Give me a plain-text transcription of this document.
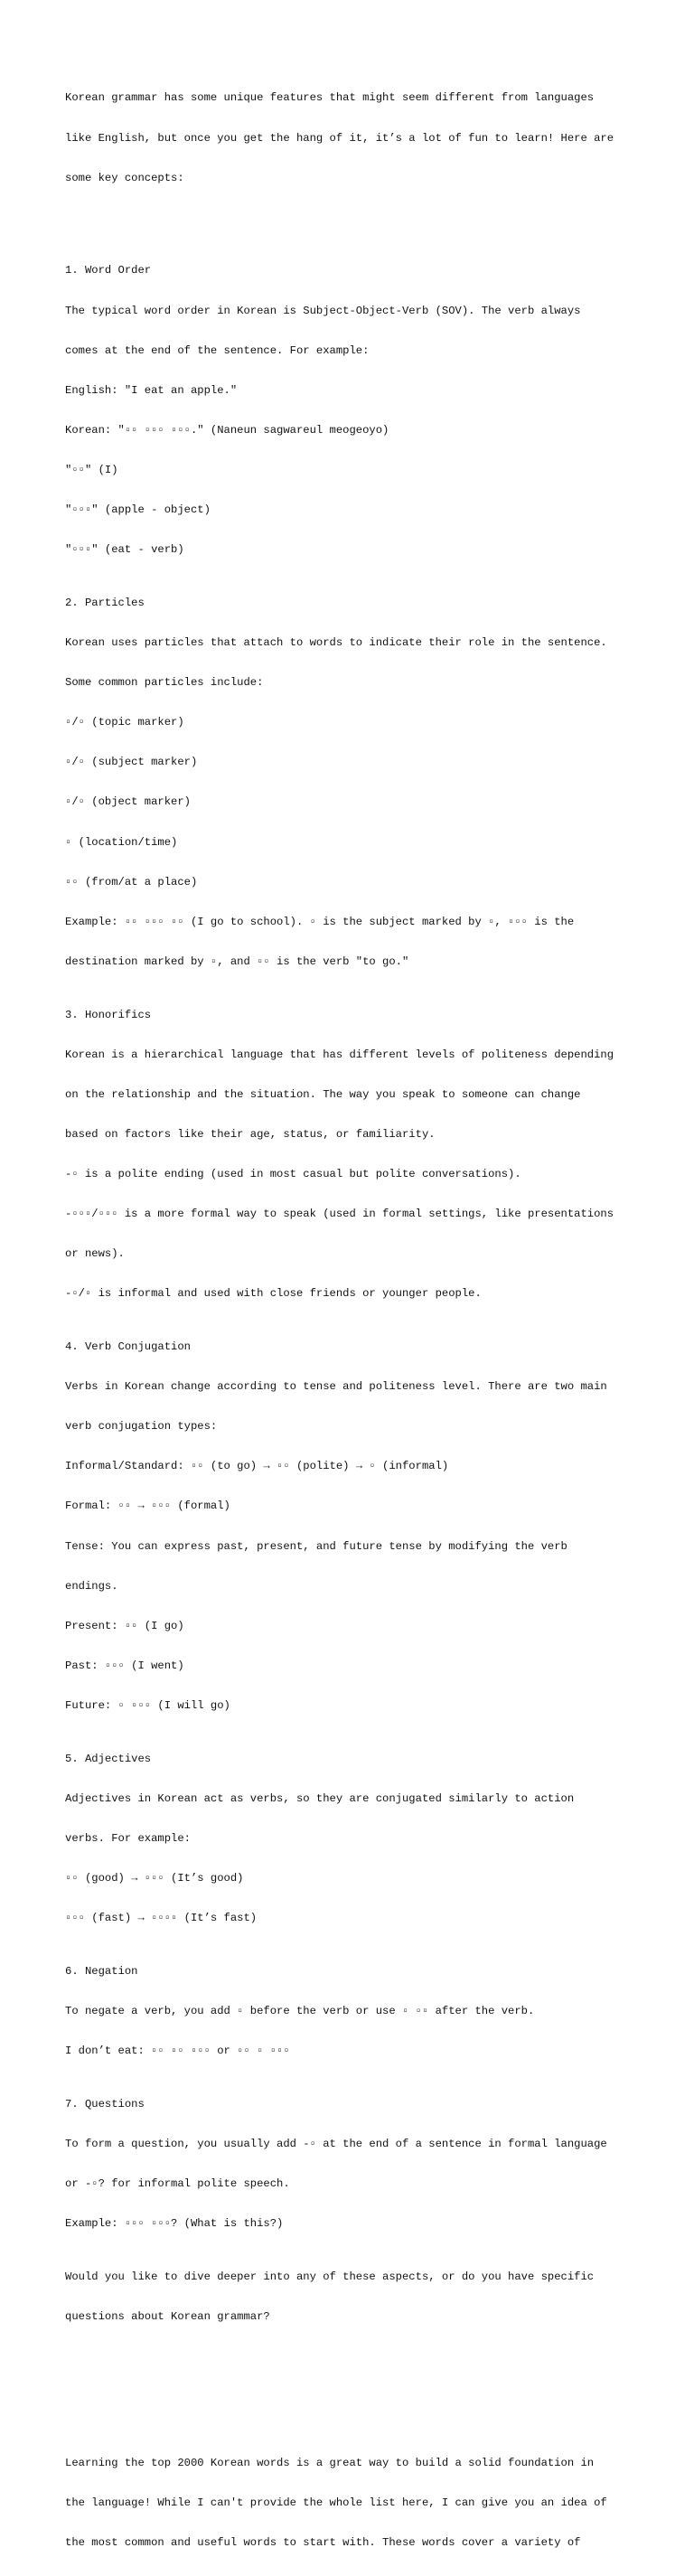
Korean grammar has some unique features that might seem different from languages

like English, but once you get the hang of it, it’s a lot of fun to learn! Here are

some key concepts:

1. Word Order

The typical word order in Korean is Subject-Object-Verb (SOV). The verb always

comes at the end of the sentence. For example:

English: "I eat an apple."

Korean: "▫▫ ▫▫▫ ▫▫▫." (Naneun sagwareul meogeoyo)

"▫▫" (I)

"▫▫▫" (apple - object)

"▫▫▫" (eat - verb)

2. Particles

Korean uses particles that attach to words to indicate their role in the sentence.

Some common particles include:

▫/▫ (topic marker)

▫/▫ (subject marker)

▫/▫ (object marker)

▫ (location/time)

▫▫ (from/at a place)

Example: ▫▫ ▫▫▫ ▫▫ (I go to school). ▫ is the subject marked by ▫, ▫▫▫ is the

destination marked by ▫, and ▫▫ is the verb "to go."

3. Honorifics

Korean is a hierarchical language that has different levels of politeness depending

on the relationship and the situation. The way you speak to someone can change

based on factors like their age, status, or familiarity.

-▫ is a polite ending (used in most casual but polite conversations).

-▫▫▫/▫▫▫ is a more formal way to speak (used in formal settings, like presentations

or news).

-▫/▫ is informal and used with close friends or younger people.

4. Verb Conjugation

Verbs in Korean change according to tense and politeness level. There are two main

verb conjugation types:

Informal/Standard: ▫▫ (to go) → ▫▫ (polite) → ▫ (informal)

Formal: ▫▫ → ▫▫▫ (formal)

Tense: You can express past, present, and future tense by modifying the verb

endings.

Present: ▫▫ (I go)

Past: ▫▫▫ (I went)

Future: ▫ ▫▫▫ (I will go)

5. Adjectives

Adjectives in Korean act as verbs, so they are conjugated similarly to action

verbs. For example:

▫▫ (good) → ▫▫▫ (It’s good)

▫▫▫ (fast) → ▫▫▫▫ (It’s fast)

6. Negation

To negate a verb, you add ▫ before the verb or use ▫ ▫▫ after the verb.

I don’t eat: ▫▫ ▫▫ ▫▫▫ or ▫▫ ▫ ▫▫▫

7. Questions

To form a question, you usually add -▫ at the end of a sentence in formal language

or -▫? for informal polite speech.

Example: ▫▫▫ ▫▫▫? (What is this?)

Would you like to dive deeper into any of these aspects, or do you have specific

questions about Korean grammar?

Learning the top 2000 Korean words is a great way to build a solid foundation in

the language! While I can't provide the whole list here, I can give you an idea of

the most common and useful words to start with. These words cover a variety of
